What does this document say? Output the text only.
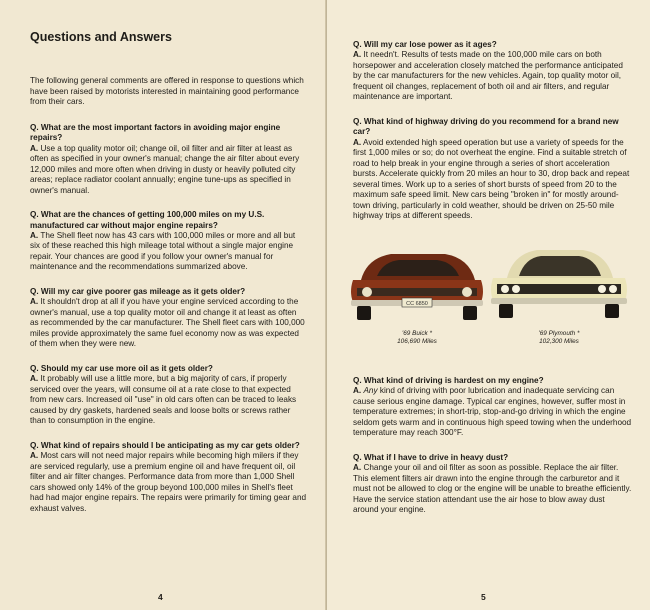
Questions and Answers
The following general comments are offered in response to questions which have been raised by motorists interested in maintaining good performance from their cars.
Q. What are the most important factors in avoiding major engine repairs?
A. Use a top quality motor oil; change oil, oil filter and air filter at least as often as specified in your owner's manual; change the air filter about every 12,000 miles and more often when driving in dusty or heavily polluted city areas; replace radiator coolant annually; engine tune-ups as specified in owner's manual.
Q. What are the chances of getting 100,000 miles on my U.S. manufactured car without major engine repairs?
A. The Shell fleet now has 43 cars with 100,000 miles or more and all but six of these reached this high mileage total without a single major engine repair. Your chances are good if you follow your owner's manual for maintenance and the recommendations summarized above.
Q. Will my car give poorer gas mileage as it gets older?
A. It shouldn't drop at all if you have your engine serviced according to the owner's manual, use a top quality motor oil and change it at least as often as recommended by the car manufacturer. The Shell fleet cars with 100,000 miles provide approximately the same fuel economy now as was expected of them when they were new.
Q. Should my car use more oil as it gets older?
A. It probably will use a little more, but a big majority of cars, if properly serviced over the years, will consume oil at a rate close to that expected from new cars. Increased oil "use" in old cars often can be traced to leaks caused by dry gaskets, hardened seals and loose bolts or screws rather than to consumption in the engine.
Q. What kind of repairs should I be anticipating as my car gets older?
A. Most cars will not need major repairs while becoming high milers if they are serviced regularly, use a premium engine oil and have frequent oil, oil filter and air filter changes. Performance data from more than 1,000 Shell cars showed only 14% of the group beyond 100,000 miles in Shell's fleet had had major engine repairs. The repairs were primarily for timing gear and exhaust valves.
4
Q. Will my car lose power as it ages?
A. It needn't. Results of tests made on the 100,000 mile cars on both horsepower and acceleration closely matched the performance anticipated by the car manufacturers for the new vehicles. Again, top quality motor oil, frequent oil changes, replacement of both oil and air filters, and regular maintenance are important.
Q. What kind of highway driving do you recommend for a brand new car?
A. Avoid extended high speed operation but use a variety of speeds for the first 1,000 miles or so; do not overheat the engine. Find a suitable stretch of road to help break in your engine through a series of short acceleration bursts. Accelerate quickly from 20 miles an hour to 30, drop back and repeat several times. Work up to a series of short bursts of speed from 20 to the maximum safe speed limit. New cars being "broken in" for mostly around-town driving, particularly in cold weather, should be driven on 25-50 mile highway trips at different speeds.
CC 6850
'69 Buick *
106,690 Miles
'69 Plymouth *
102,300 Miles
Q. What kind of driving is hardest on my engine?
A. Any kind of driving with poor lubrication and inadequate servicing can cause serious engine damage. Typical car engines, however, suffer most in temperature extremes; in short-trip, stop-and-go driving in which the engine seldom gets warm and in continuous high speed towing when the underhood temperature may reach 300°F.
Q. What if I have to drive in heavy dust?
A. Change your oil and oil filter as soon as possible. Replace the air filter. This element filters air drawn into the engine through the carburetor and it must not be allowed to clog or the engine will be unable to breathe efficiently. Have the service station attendant use the air hose to blow away dust around your engine.
5
